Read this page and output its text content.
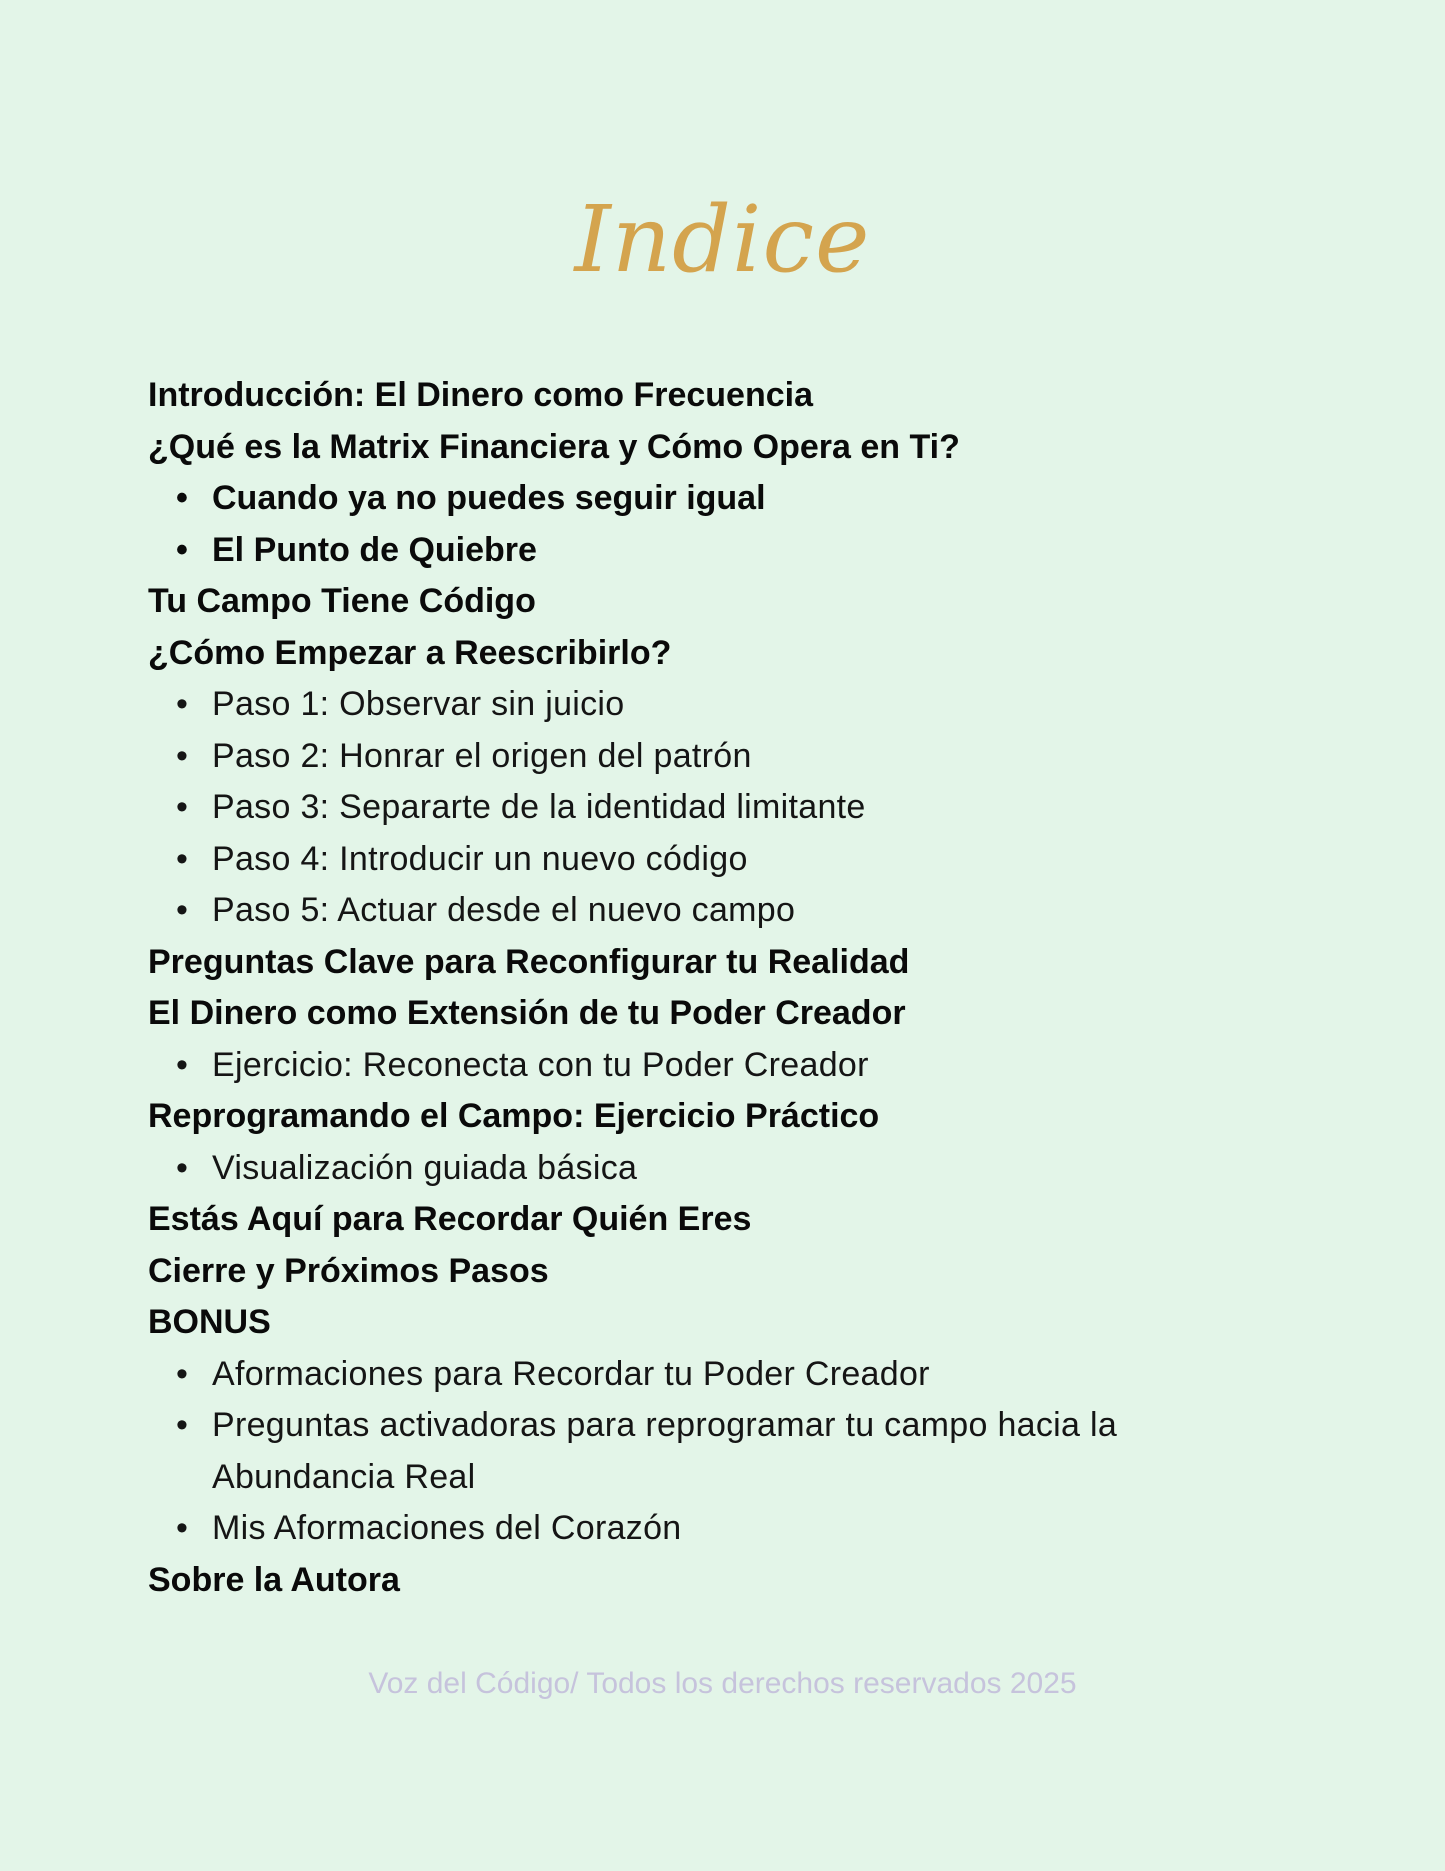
Indice
Introducción: El Dinero como Frecuencia
¿Qué es la Matrix Financiera y Cómo Opera en Ti?
• Cuando ya no puedes seguir igual
• El Punto de Quiebre
Tu Campo Tiene Código
¿Cómo Empezar a Reescribirlo?
• Paso 1: Observar sin juicio
• Paso 2: Honrar el origen del patrón
• Paso 3: Separarte de la identidad limitante
• Paso 4: Introducir un nuevo código
• Paso 5: Actuar desde el nuevo campo
Preguntas Clave para Reconfigurar tu Realidad
El Dinero como Extensión de tu Poder Creador
• Ejercicio: Reconecta con tu Poder Creador
Reprogramando el Campo: Ejercicio Práctico
• Visualización guiada básica
Estás Aquí para Recordar Quién Eres
Cierre y Próximos Pasos
BONUS
• Aformaciones para Recordar tu Poder Creador
• Preguntas activadoras para reprogramar tu campo hacia la Abundancia Real
• Mis Aformaciones del Corazón
Sobre la Autora
Voz del Código/ Todos los derechos reservados 2025
